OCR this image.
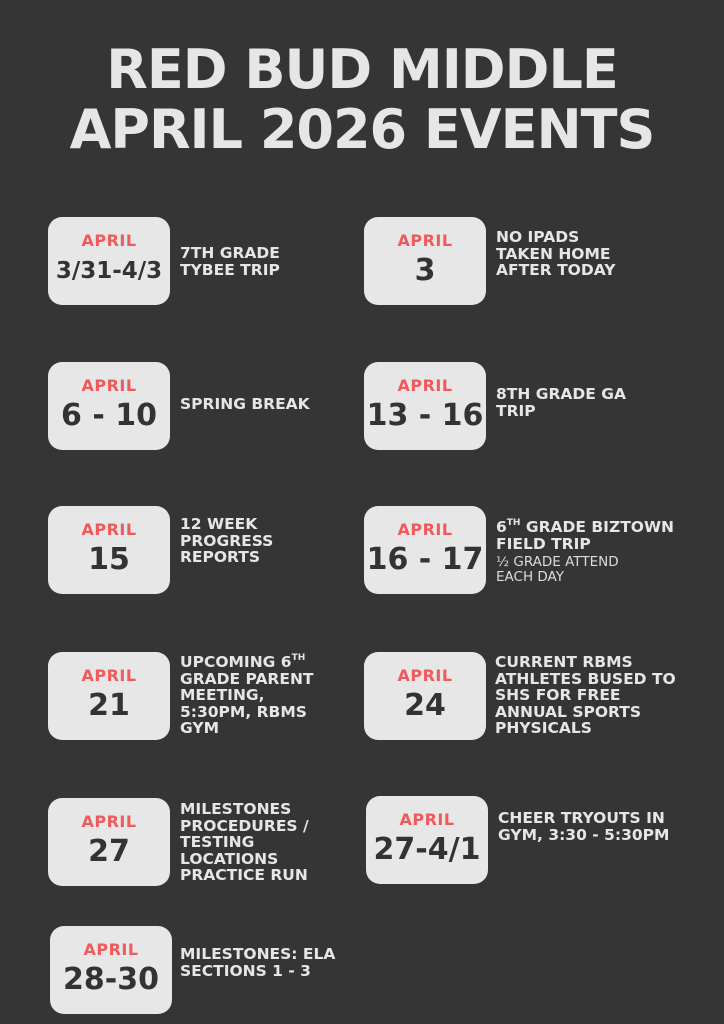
RED BUD MIDDLE
APRIL 2026 EVENTS
APRIL
3/31-4/3
7TH GRADE
TYBEE TRIP
APRIL
3
NO IPADS
TAKEN HOME
AFTER TODAY
APRIL
6 - 10	SPRING BREAK
APRIL
13 - 16
8TH GRADE GA
TRIP
APRIL
15
12 WEEK
PROGRESS
REPORTS
APRIL
16 - 17
6TH GRADE BIZTOWN
FIELD TRIP
½ GRADE ATTEND
EACH DAY
APRIL
21
UPCOMING 6TH
GRADE PARENT
MEETING,
5:30PM, RBMS
GYM
APRIL
24
CURRENT RBMS
ATHLETES BUSED TO
SHS FOR FREE
ANNUAL SPORTS
PHYSICALS
APRIL
27
MILESTONES
PROCEDURES /
TESTING
LOCATIONS
PRACTICE RUN
APRIL
27-4/1
CHEER TRYOUTS IN
GYM, 3:30 - 5:30PM
APRIL
28-30
MILESTONES: ELA
SECTIONS 1 - 3
